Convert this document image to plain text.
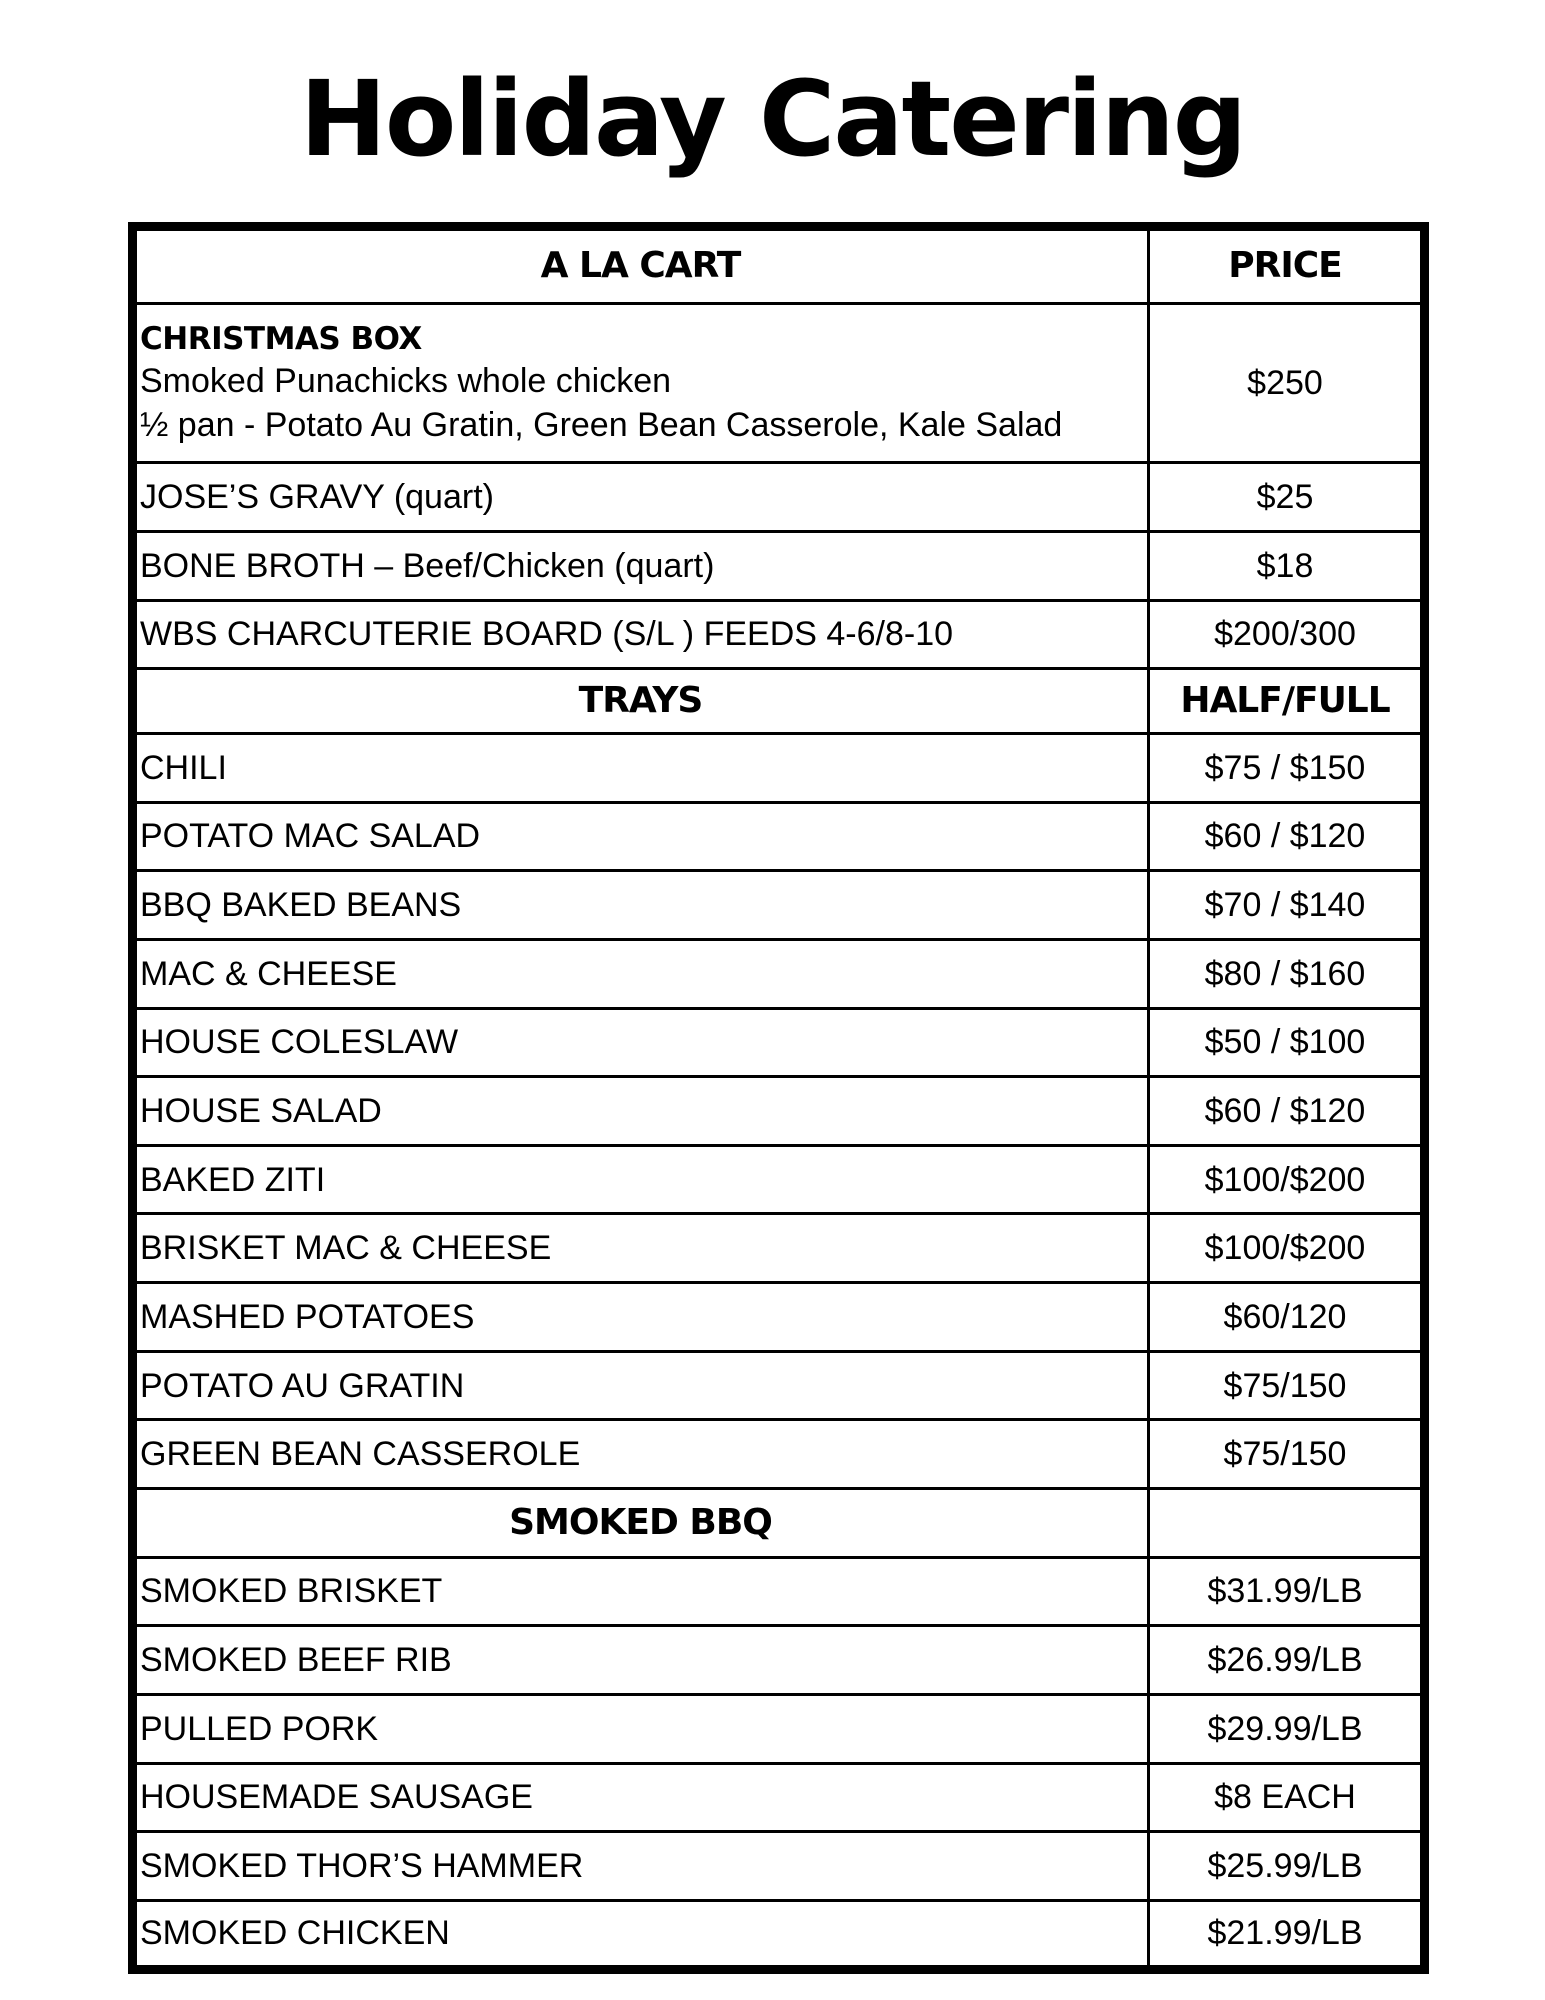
Holiday Catering
A LA CART	PRICE

CHRISTMAS BOX
Smoked Punachicks whole chicken
½ pan - Potato Au Gratin, Green Bean Casserole, Kale Salad	$250
JOSE’S GRAVY (quart)	$25
BONE BROTH – Beef/Chicken (quart)	$18
WBS CHARCUTERIE BOARD (S/L ) FEEDS 4-6/8-10	$200/300
TRAYS	HALF/FULL
CHILI	$75 / $150
POTATO MAC SALAD	$60 / $120
BBQ BAKED BEANS	$70 / $140
MAC & CHEESE	$80 / $160
HOUSE COLESLAW	$50 / $100
HOUSE SALAD	$60 / $120
BAKED ZITI	$100/$200
BRISKET MAC & CHEESE	$100/$200
MASHED POTATOES	$60/120
POTATO AU GRATIN	$75/150
GREEN BEAN CASSEROLE	$75/150
SMOKED BBQ	
SMOKED BRISKET	$31.99/LB
SMOKED BEEF RIB	$26.99/LB
PULLED PORK	$29.99/LB
HOUSEMADE SAUSAGE	$8 EACH
SMOKED THOR’S HAMMER	$25.99/LB
SMOKED CHICKEN	$21.99/LB
